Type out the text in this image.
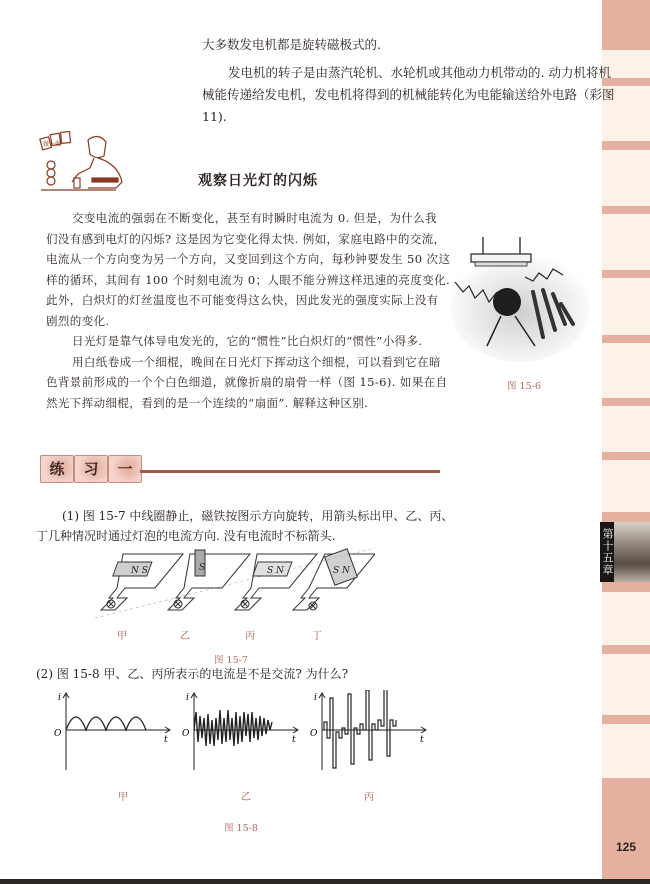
第十五章
125
大多数发电机都是旋转磁极式的.
发电机的转子是由蒸汽轮机、水轮机或其他动力机带动的. 动力机将机
械能传递给发电机，发电机将得到的机械能转化为电能输送给外电路（彩图
11).
做一做
观察日光灯的闪烁
交变电流的强弱在不断变化，甚至有时瞬时电流为 0. 但是，为什么我
们没有感到电灯的闪烁? 这是因为它变化得太快. 例如，家庭电路中的交流，
电流从一个方向变为另一个方向，又变回到这个方向，每秒钟要发生 50 次这
样的循环，其间有 100 个时刻电流为 0；人眼不能分辨这样迅速的亮度变化.
此外，白炽灯的灯丝温度也不可能变得这么快，因此发光的强度实际上没有
剧烈的变化.
日光灯是靠气体导电发光的，它的“惯性”比白炽灯的“惯性”小得多.
用白纸卷成一个细棍，晚间在日光灯下挥动这个细棍，可以看到它在暗
色背景前形成的一个个白色细道，就像折扇的扇骨一样（图 15-6). 如果在自
然光下挥动细棍，看到的是一个连续的“扇面”. 解释这种区别.
图 15-6
练	习	一
(1) 图 15-7 中线圈静止，磁铁按图示方向旋转，用箭头标出甲、乙、丙、
丁几种情况时通过灯泡的电流方向. 没有电流时不标箭头.
N S	S	S N	S N
甲	乙	丙	丁
图 15-7
(2) 图 15-8 甲、乙、丙所表示的电流是不是交流? 为什么?
i
O
t
i
O
t
i
O
t
甲	乙	丙
图 15-8
